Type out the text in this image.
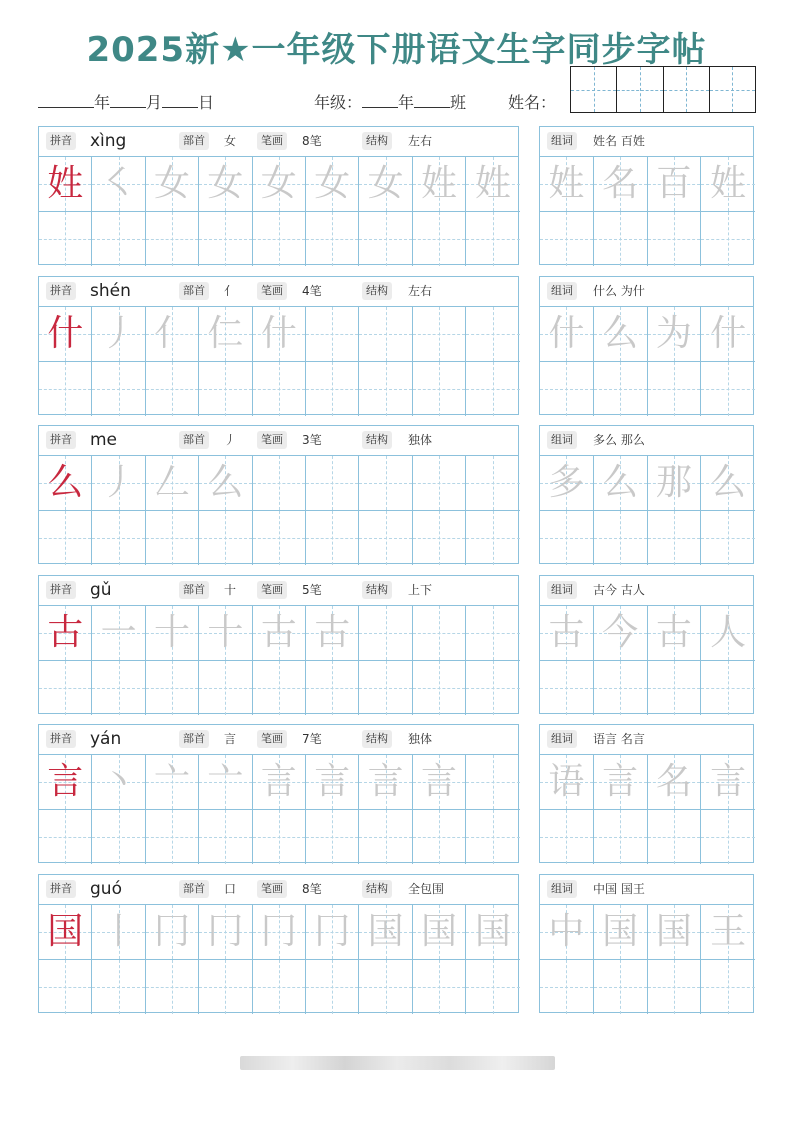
2025新★一年级下册语文生字同步字帖
年 月 日	年级： 年 班	姓名：
拼音 xìng	部首	女	笔画	8笔	结构	左右
姓 ㇛ 女 女 女 女 女 姓 姓
组词	姓名 百姓
姓 名 百 姓
拼音 shén	部首	亻	笔画	4笔	结构	左右
什 丿 亻 仁 什
组词	什么 为什
什 么 为 什
拼音 me	部首	丿	笔画	3笔	结构	独体
么 丿 𠃋 么
组词	多么 那么
多 么 那 么
拼音 gǔ	部首	十	笔画	5笔	结构	上下
古 一 十 十 古 古
组词	古今 古人
古 今 古 人
拼音 yán	部首	言	笔画	7笔	结构	独体
言 丶 亠 亠 言 言 言 言
组词	语言 名言
语 言 名 言
拼音 guó	部首	口	笔画	8笔	结构	全包围
国 丨 冂 冂 冂 冂 国 国 国
组词	中国 国王
中 国 国 王
